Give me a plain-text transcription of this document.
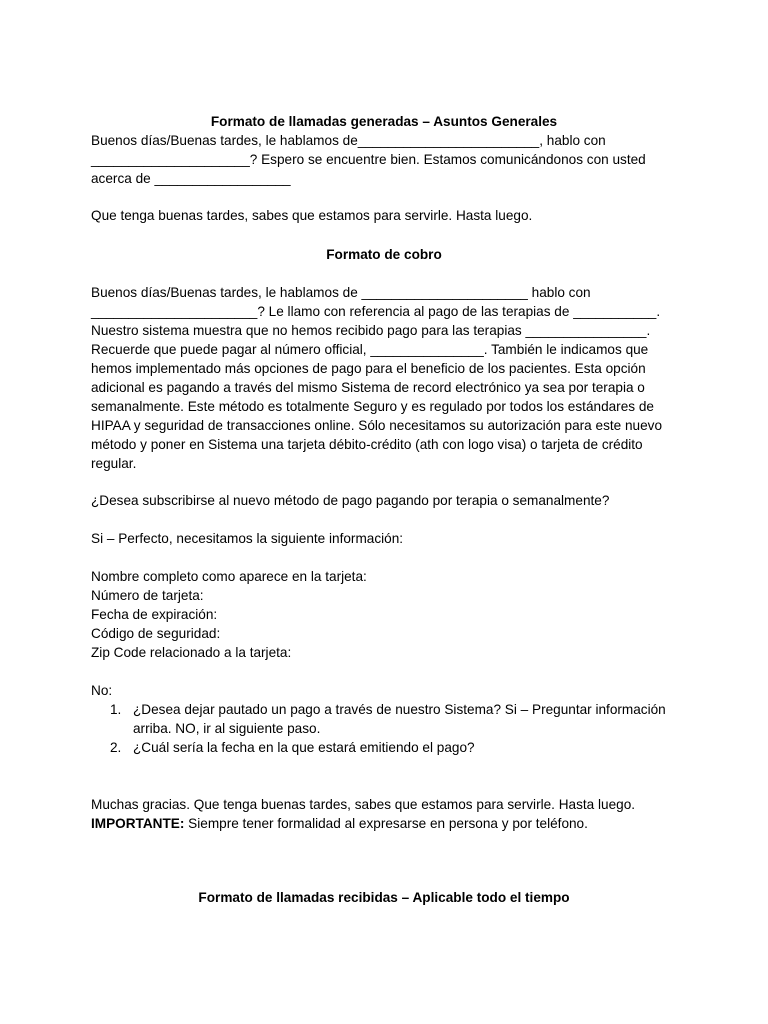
Formato de llamadas generadas – Asuntos Generales
Buenos días/Buenas tardes, le hablamos de________________________, hablo con
_____________________? Espero se encuentre bien. Estamos comunicándonos con usted
acerca de __________________
Que tenga buenas tardes, sabes que estamos para servirle. Hasta luego.
Formato de cobro
Buenos días/Buenas tardes, le hablamos de ______________________ hablo con
______________________? Le llamo con referencia al pago de las terapias de ___________.
Nuestro sistema muestra que no hemos recibido pago para las terapias ________________.
Recuerde que puede pagar al número official, _______________. También le indicamos que
hemos implementado más opciones de pago para el beneficio de los pacientes. Esta opción
adicional es pagando a través del mismo Sistema de record electrónico ya sea por terapia o
semanalmente. Este método es totalmente Seguro y es regulado por todos los estándares de
HIPAA y seguridad de transacciones online. Sólo necesitamos su autorización para este nuevo
método y poner en Sistema una tarjeta débito-crédito (ath con logo visa) o tarjeta de crédito
regular.
¿Desea subscribirse al nuevo método de pago pagando por terapia o semanalmente?
Si – Perfecto, necesitamos la siguiente información:
Nombre completo como aparece en la tarjeta:
Número de tarjeta:
Fecha de expiración:
Código de seguridad:
Zip Code relacionado a la tarjeta:
No:
1. ¿Desea dejar pautado un pago a través de nuestro Sistema? Si – Preguntar información
arriba. NO, ir al siguiente paso.
2. ¿Cuál sería la fecha en la que estará emitiendo el pago?
Muchas gracias. Que tenga buenas tardes, sabes que estamos para servirle. Hasta luego.
IMPORTANTE: Siempre tener formalidad al expresarse en persona y por teléfono.
Formato de llamadas recibidas – Aplicable todo el tiempo
